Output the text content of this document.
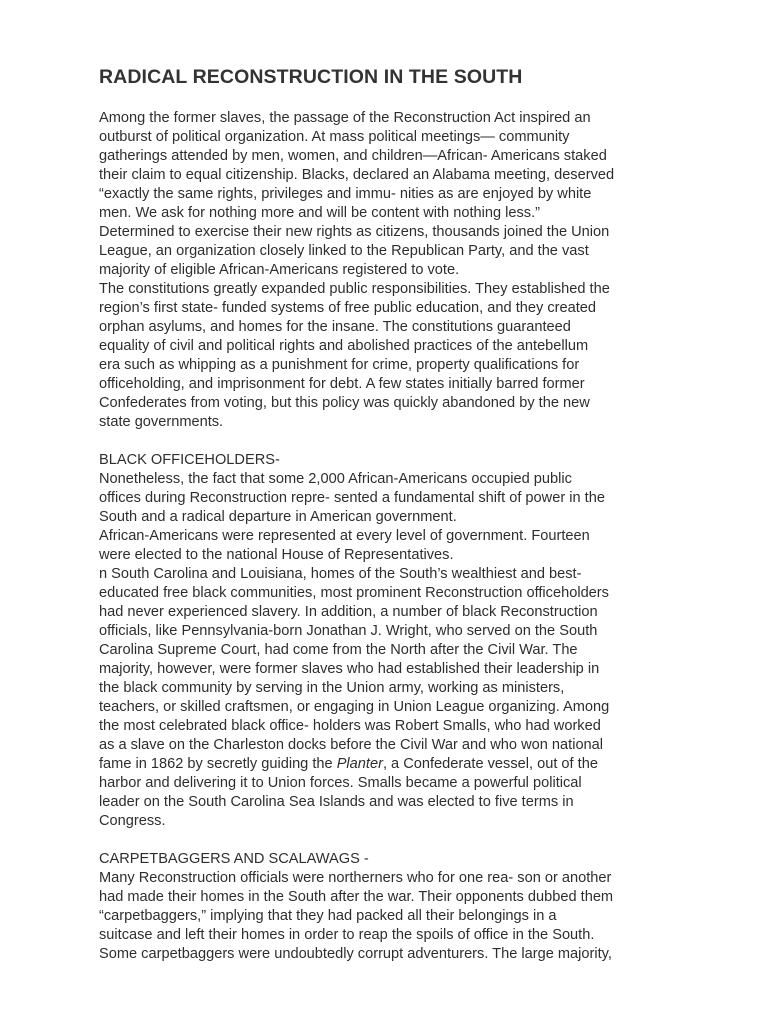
RADICAL RECONSTRUCTION IN THE SOUTH
Among the former slaves, the passage of the Reconstruction Act inspired an
outburst of political organization. At mass political meetings— community
gatherings attended by men, women, and children—African- Americans staked
their claim to equal citizenship. Blacks, declared an Alabama meeting, deserved
“exactly the same rights, privileges and immu- nities as are enjoyed by white
men. We ask for nothing more and will be content with nothing less.”
Determined to exercise their new rights as citizens, thousands joined the Union
League, an organization closely linked to the Republican Party, and the vast
majority of eligible African-Americans registered to vote.
The constitutions greatly expanded public responsibilities. They established the
region’s first state- funded systems of free public education, and they created
orphan asylums, and homes for the insane. The constitutions guaranteed
equality of civil and political rights and abolished practices of the antebellum
era such as whipping as a punishment for crime, property qualifications for
officeholding, and imprisonment for debt. A few states initially barred former
Confederates from voting, but this policy was quickly abandoned by the new
state governments.
BLACK OFFICEHOLDERS-
Nonetheless, the fact that some 2,000 African-Americans occupied public
offices during Reconstruction repre- sented a fundamental shift of power in the
South and a radical departure in American government.
African-Americans were represented at every level of government. Fourteen
were elected to the national House of Representatives.
n South Carolina and Louisiana, homes of the South’s wealthiest and best-
educated free black communities, most prominent Reconstruction officeholders
had never experienced slavery. In addition, a number of black Reconstruction
officials, like Pennsylvania-born Jonathan J. Wright, who served on the South
Carolina Supreme Court, had come from the North after the Civil War. The
majority, however, were former slaves who had established their leadership in
the black community by serving in the Union army, working as ministers,
teachers, or skilled craftsmen, or engaging in Union League organizing. Among
the most celebrated black office- holders was Robert Smalls, who had worked
as a slave on the Charleston docks before the Civil War and who won national
fame in 1862 by secretly guiding the Planter, a Confederate vessel, out of the
harbor and delivering it to Union forces. Smalls became a powerful political
leader on the South Carolina Sea Islands and was elected to five terms in
Congress.
CARPETBAGGERS AND SCALAWAGS -
Many Reconstruction officials were northerners who for one rea- son or another
had made their homes in the South after the war. Their opponents dubbed them
“carpetbaggers,” implying that they had packed all their belongings in a
suitcase and left their homes in order to reap the spoils of office in the South.
Some carpetbaggers were undoubtedly corrupt adventurers. The large majority,
